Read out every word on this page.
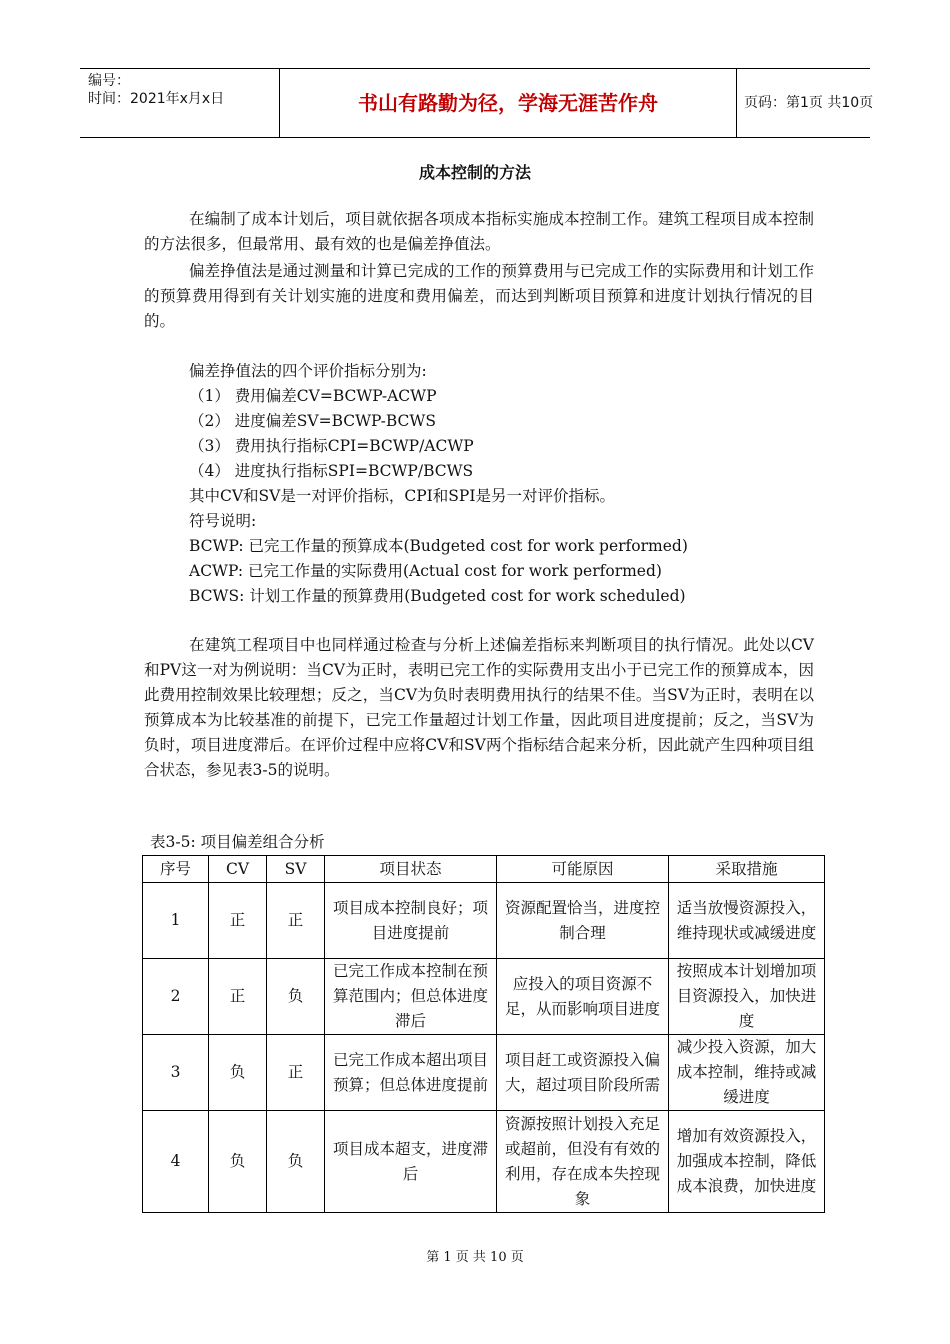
编号：
时间：2021年x月x日	书山有路勤为径，学海无涯苦作舟	页码：第1页 共10页
成本控制的方法

在编制了成本计划后，项目就依据各项成本指标实施成本控制工作。建筑工程项目成本控制的方法很多，但最常用、最有效的也是偏差挣值法。

偏差挣值法是通过测量和计算已完成的工作的预算费用与已完成工作的实际费用和计划工作的预算费用得到有关计划实施的进度和费用偏差，而达到判断项目预算和进度计划执行情况的目的。

偏差挣值法的四个评价指标分别为:

（1） 费用偏差CV=BCWP-ACWP

（2） 进度偏差SV=BCWP-BCWS

（3） 费用执行指标CPI=BCWP/ACWP

（4） 进度执行指标SPI=BCWP/BCWS

其中CV和SV是一对评价指标，CPI和SPI是另一对评价指标。

符号说明:

BCWP: 已完工作量的预算成本(Budgeted cost for work performed)

ACWP: 已完工作量的实际费用(Actual cost for work performed)

BCWS: 计划工作量的预算费用(Budgeted cost for work scheduled)

在建筑工程项目中也同样通过检查与分析上述偏差指标来判断项目的执行情况。此处以CV和PV这一对为例说明：当CV为正时，表明已完工作的实际费用支出小于已完工作的预算成本，因此费用控制效果比较理想；反之，当CV为负时表明费用执行的结果不佳。当SV为正时，表明在以预算成本为比较基准的前提下，已完工作量超过计划工作量，因此项目进度提前；反之，当SV为负时，项目进度滞后。在评价过程中应将CV和SV两个指标结合起来分析，因此就产生四种项目组合状态，参见表3-5的说明。

表3-5: 项目偏差组合分析
序号	CV	SV	项目状态	可能原因	采取措施
1	正	正	项目成本控制良好；项目进度提前	资源配置恰当，进度控制合理	适当放慢资源投入，维持现状或减缓进度
2	正	负	已完工作成本控制在预算范围内；但总体进度滞后	应投入的项目资源不足，从而影响项目进度	按照成本计划增加项目资源投入，加快进度
3	负	正	已完工作成本超出项目预算；但总体进度提前	项目赶工或资源投入偏大，超过项目阶段所需	减少投入资源，加大成本控制，维持或减缓进度
4	负	负	项目成本超支，进度滞后	资源按照计划投入充足或超前，但没有有效的利用，存在成本失控现象	增加有效资源投入，加强成本控制，降低成本浪费，加快进度
第 1 页 共 10 页
